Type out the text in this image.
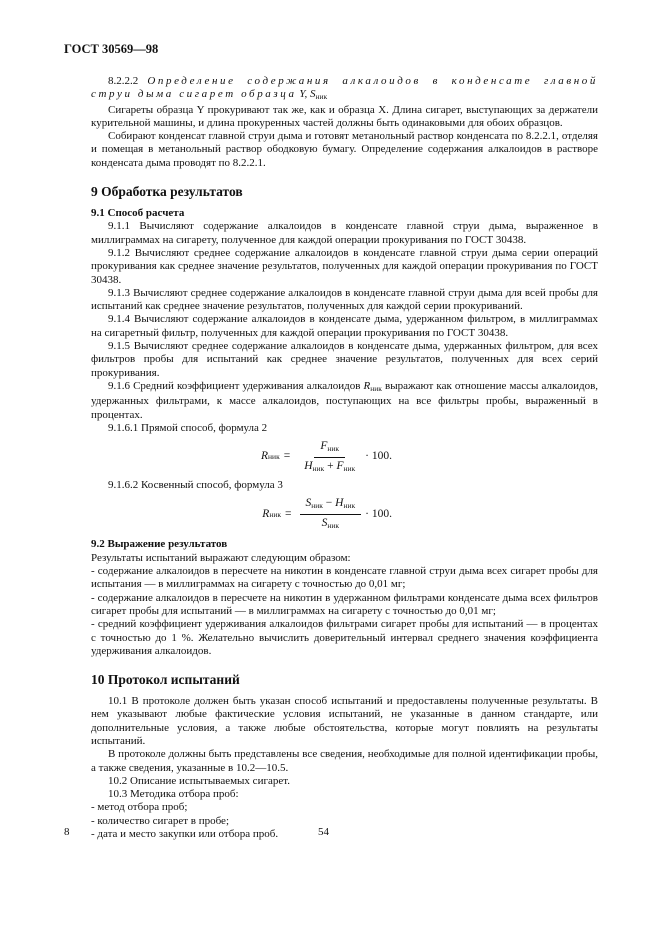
ГОСТ 30569—98

8.2.2.2 Определение содержания алкалоидов в конденсате главной струи дыма сигарет образца Y, $S_{ник}$

Сигареты образца Y прокуривают так же, как и образца X. Длина сигарет, выступающих за держатели курительной машины, и длина прокуренных частей должны быть одинаковыми для обоих образцов.

Собирают конденсат главной струи дыма и готовят метанольный раствор конденсата по 8.2.2.1, отделяя и помещая в метанольный раствор ободковую бумагу. Определение содержания алкалоидов в растворе конденсата дыма проводят по 8.2.2.1.

9 Обработка результатов
9.1 Способ расчета

9.1.1 Вычисляют содержание алкалоидов в конденсате главной струи дыма, выраженное в миллиграммах на сигарету, полученное для каждой операции прокуривания по ГОСТ 30438.

9.1.2 Вычисляют среднее содержание алкалоидов в конденсате главной струи дыма серии операций прокуривания как среднее значение результатов, полученных для каждой операции прокуривания по ГОСТ 30438.

9.1.3 Вычисляют среднее содержание алкалоидов в конденсате главной струи дыма для всей пробы для испытаний как среднее значение результатов, полученных для каждой серии прокуриваний.

9.1.4 Вычисляют содержание алкалоидов в конденсате дыма, удержанном фильтром, в миллиграммах на сигаретный фильтр, полученных для каждой операции прокуривания по ГОСТ 30438.

9.1.5 Вычисляют среднее содержание алкалоидов в конденсате дыма, удержанных фильтром, для всех фильтров пробы для испытаний как среднее значение результатов, полученных для всех серий прокуривания.

9.1.6 Средний коэффициент удерживания алкалоидов $R_{ник}$ выражают как отношение массы алкалоидов, удержанных фильтрами, к массе алкалоидов, поступающих на все фильтры пробы, выраженный в процентах.

9.1.6.1 Прямой способ, формула 2

R ник = $\frac{F_{ник}}{H_{ник} + F_{ник}} \cdot 100$.

9.1.6.2 Косвенный способ, формула 3

R ник = $\frac{S_{ник} - H_{ник}}{S_{ник}} \cdot 100$.
9.2 Выражение результатов

Результаты испытаний выражают следующим образом:

- содержание алкалоидов в пересчете на никотин в конденсате главной струи дыма всех сигарет пробы для испытания — в миллиграммах на сигарету с точностью до 0,01 мг;

- содержание алкалоидов в пересчете на никотин в удержанном фильтрами конденсате дыма всех фильтров сигарет пробы для испытаний — в миллиграммах на сигарету с точностью до 0,01 мг;

- средний коэффициент удерживания алкалоидов фильтрами сигарет пробы для испытаний — в процентах с точностью до 1 %. Желательно вычислить доверительный интервал среднего значения коэффициента удерживания алкалоидов.

10 Протокол испытаний

10.1 В протоколе должен быть указан способ испытаний и предоставлены полученные результаты. В нем указывают любые фактические условия испытаний, не указанные в данном стандарте, или дополнительные условия, а также любые обстоятельства, которые могут повлиять на результаты испытаний.

В протоколе должны быть представлены все сведения, необходимые для полной идентификации пробы, а также сведения, указанные в 10.2—10.5.

10.2 Описание испытываемых сигарет.

10.3 Методика отбора проб:

- метод отбора проб;

- количество сигарет в пробе;

- дата и место закупки или отбора проб.

8	54
